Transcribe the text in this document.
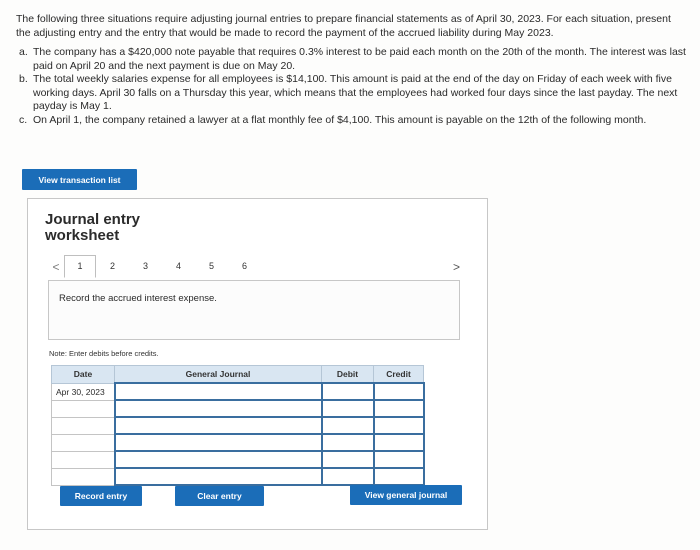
The following three situations require adjusting journal entries to prepare financial statements as of April 30, 2023. For each situation, present the adjusting entry and the entry that would be made to record the payment of the accrued liability during May 2023.

a. The company has a $420,000 note payable that requires 0.3% interest to be paid each month on the 20th of the month. The interest was last paid on April 20 and the next payment is due on May 20.
b. The total weekly salaries expense for all employees is $14,100. This amount is paid at the end of the day on Friday of each week with five working days. April 30 falls on a Thursday this year, which means that the employees had worked four days since the last payday. The next payday is May 1.
c. On April 1, the company retained a lawyer at a flat monthly fee of $4,100. This amount is payable on the 12th of the following month.
View transaction list
Journal entry worksheet
<	1	2	3	4	5	6	>
Record the accrued interest expense.
Note: Enter debits before credits.
Date	General Journal	Debit	Credit
Apr 30, 2023			

Record entry	Clear entry	View general journal
